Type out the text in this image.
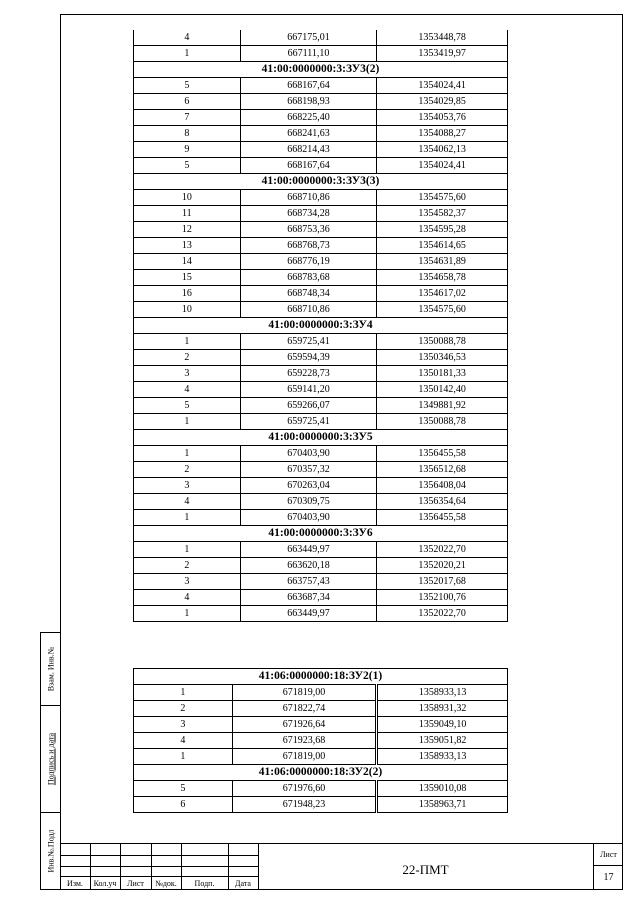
Взам. Инв.№
Подпись и дата
Инв.№.Подл
4	667175,01	1353448,78
1	667111,10	1353419,97
41:00:0000000:3:ЗУ3(2)		
5	668167,64	1354024,41
6	668198,93	1354029,85
7	668225,40	1354053,76
8	668241,63	1354088,27
9	668214,43	1354062,13
5	668167,64	1354024,41
41:00:0000000:3:ЗУ3(3)		
10	668710,86	1354575,60
11	668734,28	1354582,37
12	668753,36	1354595,28
13	668768,73	1354614,65
14	668776,19	1354631,89
15	668783,68	1354658,78
16	668748,34	1354617,02
10	668710,86	1354575,60
41:00:0000000:3:ЗУ4		
1	659725,41	1350088,78
2	659594,39	1350346,53
3	659228,73	1350181,33
4	659141,20	1350142,40
5	659266,07	1349881,92
1	659725,41	1350088,78
41:00:0000000:3:ЗУ5		
1	670403,90	1356455,58
2	670357,32	1356512,68
3	670263,04	1356408,04
4	670309,75	1356354,64
1	670403,90	1356455,58
41:00:0000000:3:ЗУ6		
1	663449,97	1352022,70
2	663620,18	1352020,21
3	663757,43	1352017,68
4	663687,34	1352100,76
1	663449,97	1352022,70
41:06:0000000:18:ЗУ2(1)		
1	671819,00	1358933,13
2	671822,74	1358931,32
3	671926,64	1359049,10
4	671923,68	1359051,82
1	671819,00	1358933,13
41:06:0000000:18:ЗУ2(2)		
5	671976,60	1359010,08
6	671948,23	1358963,71
Изм.	Кол.уч	Лист	№док.	Подп.	Дата
22-ПМТ
Лист
17
